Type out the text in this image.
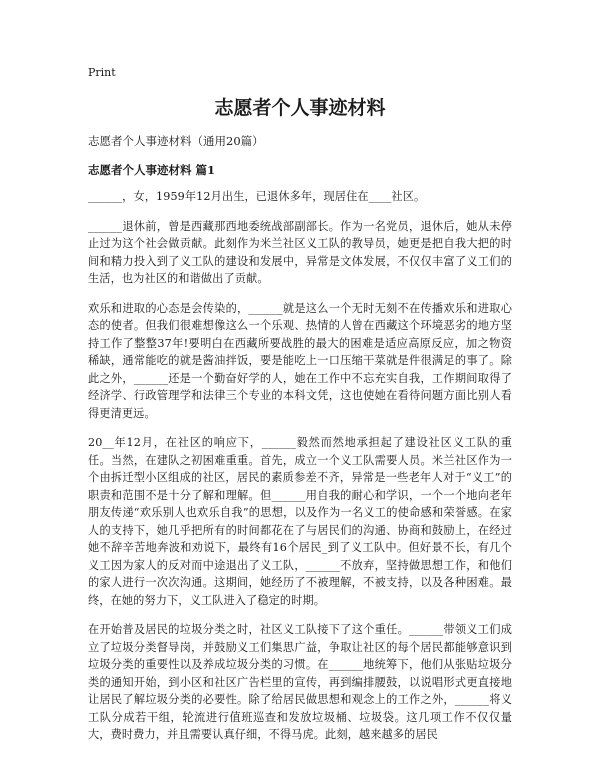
Print
志愿者个人事迹材料
志愿者个人事迹材料（通用20篇）
志愿者个人事迹材料 篇1

______，女，1959年12月出生，已退休多年，现居住在____社区。

______退休前，曾是西藏那西地委统战部副部长。作为一名党员，退休后，她从未停止过为这个社会做贡献。此刻作为米兰社区义工队的教导员，她更是把自我大把的时间和精力投入到了义工队的建设和发展中，异常是文体发展，不仅仅丰富了义工们的生活，也为社区的和谐做出了贡献。

欢乐和进取的心态是会传染的，______就是这么一个无时无刻不在传播欢乐和进取心态的使者。但我们很难想像这么一个乐观、热情的人曾在西藏这个环境恶劣的地方坚持工作了整整37年!要明白在西藏所要战胜的最大的困难是适应高原反应，加之物资稀缺，通常能吃的就是酱油拌饭，要是能吃上一口压缩干菜就是件很满足的事了。除此之外，______还是一个勤奋好学的人，她在工作中不忘充实自我，工作期间取得了经济学、行政管理学和法律三个专业的本科文凭，这也使她在看待问题方面比别人看得更清更远。

20__年12月，在社区的响应下，______毅然而然地承担起了建设社区义工队的重任。当然，在建队之初困难重重。首先，成立一个义工队需要人员。米兰社区作为一个由拆迁型小区组成的社区，居民的素质参差不齐，异常是一些老年人对于“义工”的职责和范围不是十分了解和理解。但______用自我的耐心和学识，一个一个地向老年朋友传递“欢乐别人也欢乐自我”的思想，以及作为一名义工的使命感和荣誉感。在家人的支持下，她几乎把所有的时间都花在了与居民们的沟通、协商和鼓励上，在经过她不辞辛苦地奔波和劝说下，最终有16个居民_到了义工队中。但好景不长，有几个义工因为家人的反对而中途退出了义工队，______不放弃，坚持做思想工作，和他们的家人进行一次次沟通。这期间，她经历了不被理解，不被支持，以及各种困难。最终，在她的努力下，义工队进入了稳定的时期。

在开始普及居民的垃圾分类之时，社区义工队接下了这个重任。______带领义工们成立了垃圾分类督导岗，并鼓励义工们集思广益，争取让社区的每个居民都能够意识到垃圾分类的重要性以及养成垃圾分类的习惯。在______地统筹下，他们从张贴垃圾分类的通知开始，到小区和社区广告栏里的宣传，再到编排腰鼓，以说唱形式更直接地让居民了解垃圾分类的必要性。除了给居民做思想和观念上的工作之外，______将义工队分成若干组，轮流进行值班巡查和发放垃圾桶、垃圾袋。这几项工作不仅仅量大，费时费力，并且需要认真仔细，不得马虎。此刻，越来越多的居民
